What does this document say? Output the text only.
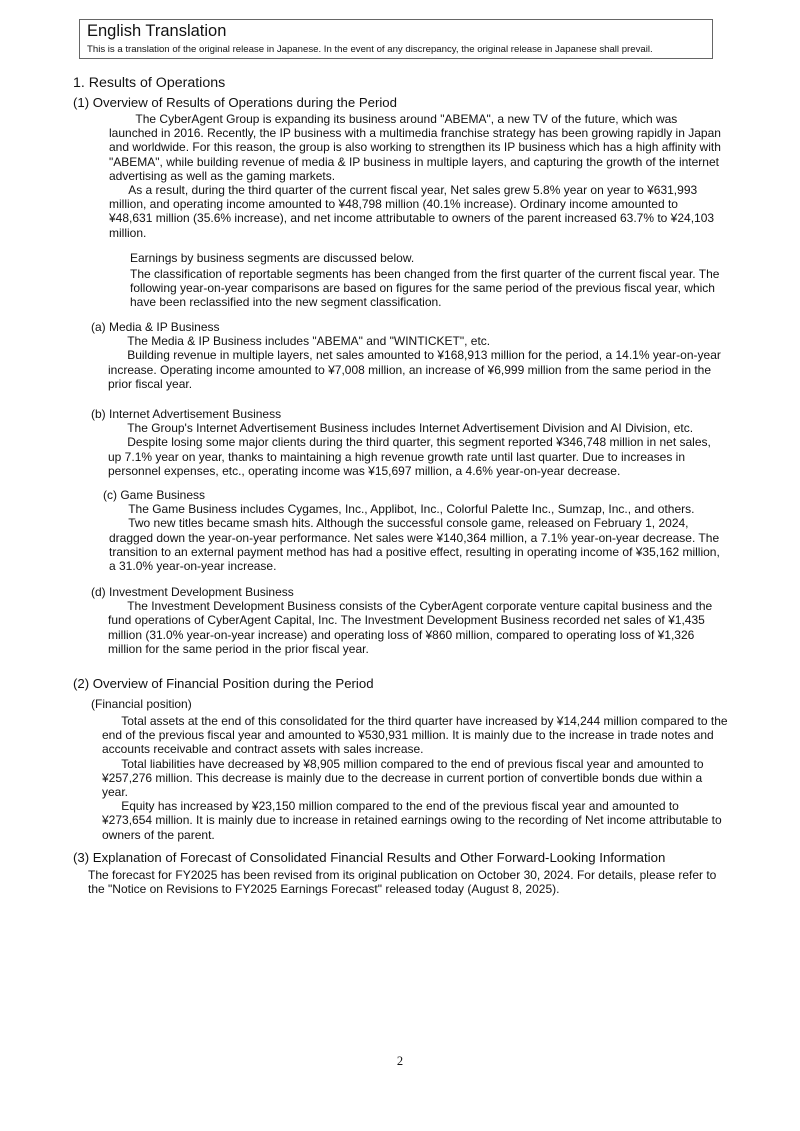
English Translation

This is a translation of the original release in Japanese. In the event of any discrepancy, the original release in Japanese shall prevail.

1. Results of Operations

(1) Overview of Results of Operations during the Period

The CyberAgent Group is expanding its business around "ABEMA", a new TV of the future, which was launched in 2016. Recently, the IP business with a multimedia franchise strategy has been growing rapidly in Japan and worldwide. For this reason, the group is also working to strengthen its IP business which has a high affinity with "ABEMA", while building revenue of media & IP business in multiple layers, and capturing the growth of the internet advertising as well as the gaming markets.

As a result, during the third quarter of the current fiscal year, Net sales grew 5.8% year on year to ¥631,993 million, and operating income amounted to ¥48,798 million (40.1% increase). Ordinary income amounted to ¥48,631 million (35.6% increase), and net income attributable to owners of the parent increased 63.7% to ¥24,103 million.

Earnings by business segments are discussed below.

The classification of reportable segments has been changed from the first quarter of the current fiscal year. The following year-on-year comparisons are based on figures for the same period of the previous fiscal year, which have been reclassified into the new segment classification.

(a) Media & IP Business

The Media & IP Business includes "ABEMA" and "WINTICKET", etc.

Building revenue in multiple layers, net sales amounted to ¥168,913 million for the period, a 14.1% year-on-year increase. Operating income amounted to ¥7,008 million, an increase of ¥6,999 million from the same period in the prior fiscal year.

(b) Internet Advertisement Business

The Group's Internet Advertisement Business includes Internet Advertisement Division and AI Division, etc.

Despite losing some major clients during the third quarter, this segment reported ¥346,748 million in net sales, up 7.1% year on year, thanks to maintaining a high revenue growth rate until last quarter. Due to increases in personnel expenses, etc., operating income was ¥15,697 million, a 4.6% year-on-year decrease.

(c) Game Business

The Game Business includes Cygames, Inc., Applibot, Inc., Colorful Palette Inc., Sumzap, Inc., and others.

Two new titles became smash hits. Although the successful console game, released on February 1, 2024, dragged down the year-on-year performance. Net sales were ¥140,364 million, a 7.1% year-on-year decrease. The transition to an external payment method has had a positive effect, resulting in operating income of ¥35,162 million, a 31.0% year-on-year increase.

(d) Investment Development Business

The Investment Development Business consists of the CyberAgent corporate venture capital business and the fund operations of CyberAgent Capital, Inc. The Investment Development Business recorded net sales of ¥1,435 million (31.0% year-on-year increase) and operating loss of ¥860 million, compared to operating loss of ¥1,326 million for the same period in the prior fiscal year.

(2) Overview of Financial Position during the Period

(Financial position)

Total assets at the end of this consolidated for the third quarter have increased by ¥14,244 million compared to the end of the previous fiscal year and amounted to ¥530,931 million. It is mainly due to the increase in trade notes and accounts receivable and contract assets with sales increase.

Total liabilities have decreased by ¥8,905 million compared to the end of previous fiscal year and amounted to ¥257,276 million. This decrease is mainly due to the decrease in current portion of convertible bonds due within a year.

Equity has increased by ¥23,150 million compared to the end of the previous fiscal year and amounted to ¥273,654 million. It is mainly due to increase in retained earnings owing to the recording of Net income attributable to owners of the parent.

(3) Explanation of Forecast of Consolidated Financial Results and Other Forward-Looking Information

The forecast for FY2025 has been revised from its original publication on October 30, 2024. For details, please refer to the "Notice on Revisions to FY2025 Earnings Forecast" released today (August 8, 2025).

2
